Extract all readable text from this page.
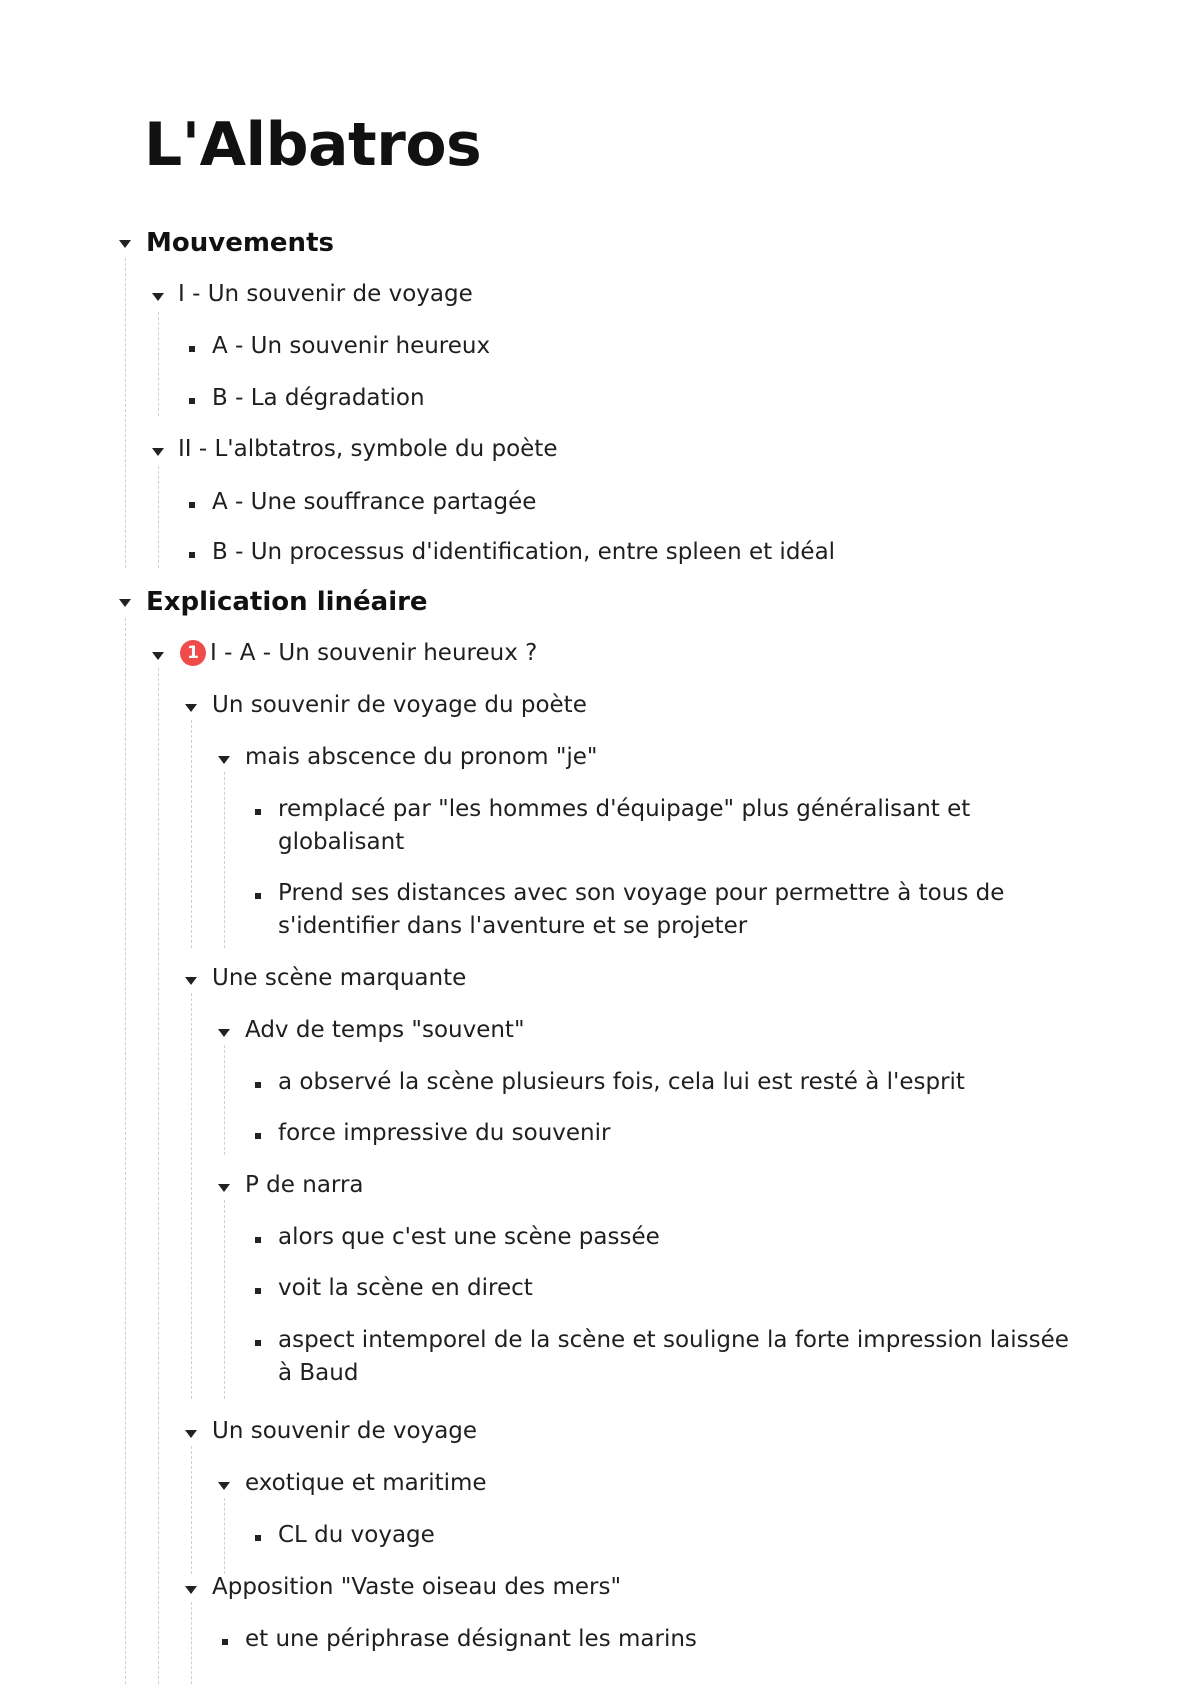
L'Albatros
Mouvements
I - Un souvenir de voyage
A - Un souvenir heureux
B - La dégradation
II - L'albtatros, symbole du poète
A - Une souffrance partagée
B - Un processus d'identification, entre spleen et idéal
Explication linéaire
1 I - A - Un souvenir heureux ?
Un souvenir de voyage du poète
mais abscence du pronom "je"
remplacé par "les hommes d'équipage" plus généralisant et
globalisant
Prend ses distances avec son voyage pour permettre à tous de
s'identifier dans l'aventure et se projeter
Une scène marquante
Adv de temps "souvent"
a observé la scène plusieurs fois, cela lui est resté à l'esprit
force impressive du souvenir
P de narra
alors que c'est une scène passée
voit la scène en direct
aspect intemporel de la scène et souligne la forte impression laissée
à Baud
Un souvenir de voyage
exotique et maritime
CL du voyage
Apposition "Vaste oiseau des mers"
et une périphrase désignant les marins
